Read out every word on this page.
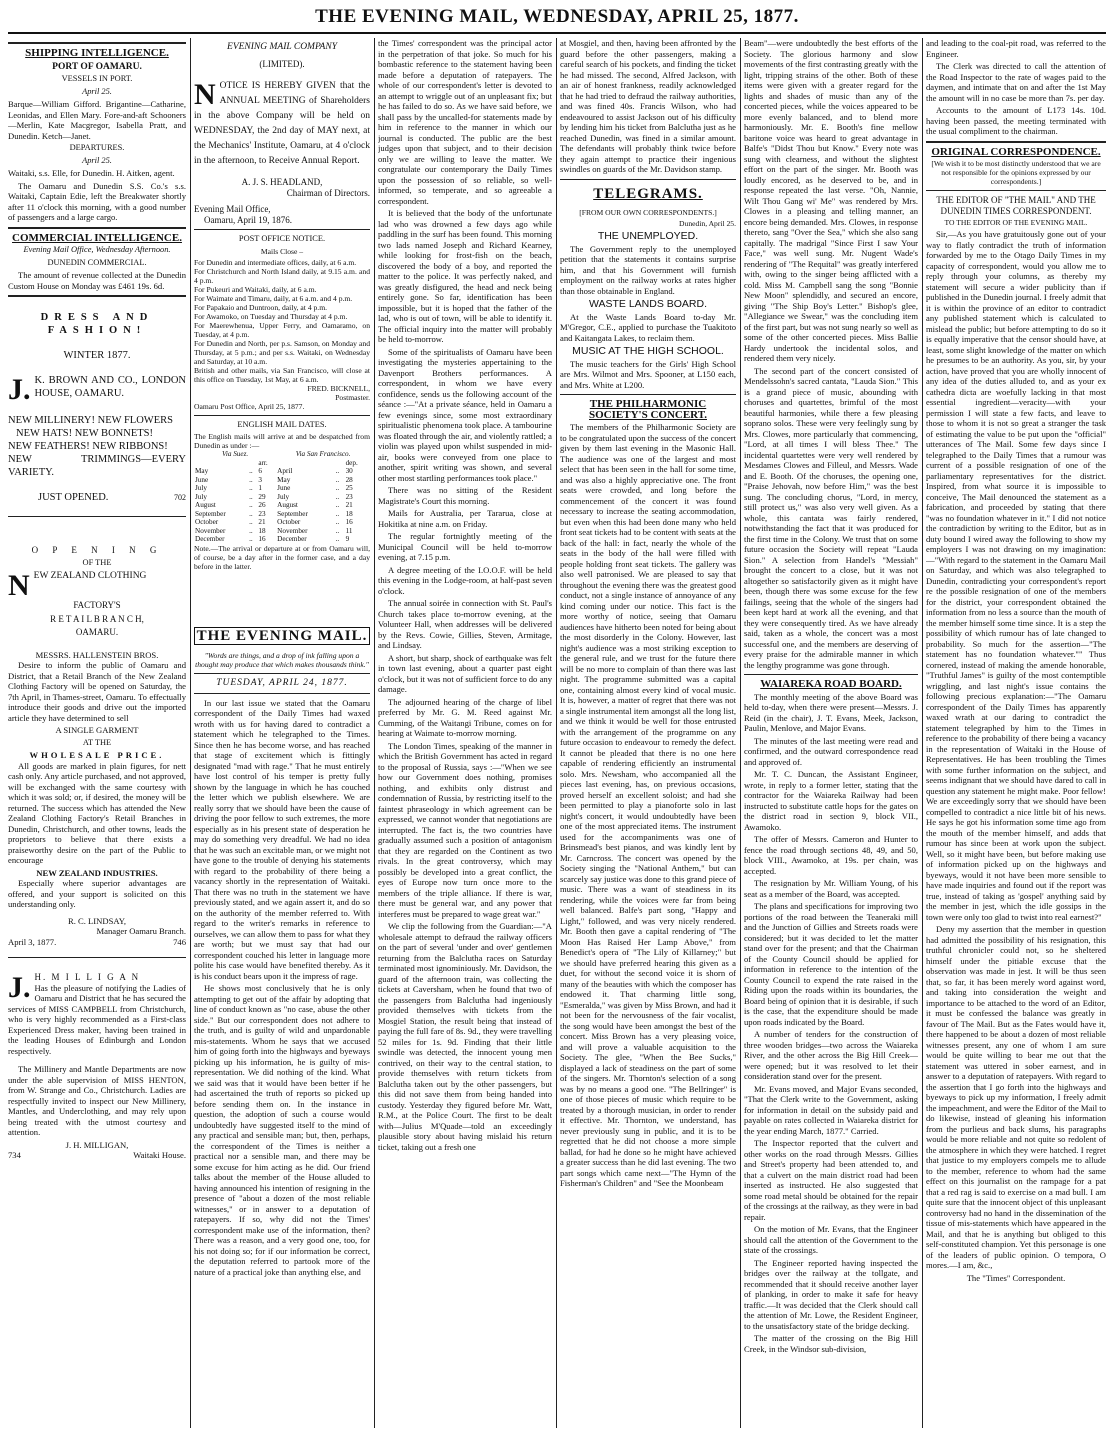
THE EVENING MAIL, WEDNESDAY, APRIL 25, 1877.
SHIPPING INTELLIGENCE.
PORT OF OAMARU.
VESSELS IN PORT.
April 25.

Barque—William Gifford. Brigantine—Catharine, Leonidas, and Ellen Mary. Fore-and-aft Schooners—Merlin, Kate Macgregor, Isabella Pratt, and Dunedin. Ketch—Janet.

DEPARTURES.
April 25.

Waitaki, s.s. Elle, for Dunedin. H. Aitken, agent.

The Oamaru and Dunedin S.S. Co.'s s.s. Waitaki, Captain Edie, left the Breakwater shortly after 11 o'clock this morning, with a good number of passengers and a large cargo.

COMMERCIAL INTELLIGENCE.
Evening Mail Office, Wednesday Afternoon.
DUNEDIN COMMERCIAL.

The amount of revenue collected at the Dunedin Custom House on Monday was £461 19s. 6d.

DRESS AND FASHION!
WINTER 1877.
J. K. BROWN AND CO., LONDON HOUSE, OAMARU.
NEW MILLINERY! NEW FLOWERS
NEW HATS! NEW BONNETS!
NEW FEATHERS! NEW RIBBONS!
NEW TRIMMINGS—EVERY VARIETY.
JUST OPENED.	702
O P E N I N G
OF THE
N EW ZEALAND CLOTHING
FACTORY'S
R E T A I L B R A N C H,
OAMARU.
MESSRS. HALLENSTEIN BROS.

Desire to inform the public of Oamaru and District, that a Retail Branch of the New Zealand Clothing Factory will be opened on Saturday, the 7th April, in Thames-street, Oamaru. To effectually introduce their goods and drive out the imported article they have determined to sell

A SINGLE GARMENT
AT THE
WHOLESALE PRICE.

All goods are marked in plain figures, for nett cash only. Any article purchased, and not approved, will be exchanged with the same courtesy with which it was sold; or, if desired, the money will be returned. The success which has attended the New Zealand Clothing Factory's Retail Branches in Dunedin, Christchurch, and other towns, leads the proprietors to believe that there exists a praiseworthy desire on the part of the Public to encourage

NEW ZEALAND INDUSTRIES.

Especially where superior advantages are offered, and your support is solicited on this understanding only.

R. C. LINDSAY,
Manager Oamaru Branch.
April 3, 1877.	746
J. H. M I L L I G A N

Has the pleasure of notifying the Ladies of Oamaru and District that he has secured the services of MISS CAMPBELL from Christchurch, who is very highly recommended as a First-class Experienced Dress maker, having been trained in the leading Houses of Edinburgh and London respectively.

The Millinery and Mantle Departments are now under the able supervision of MISS HENTON, from W. Strange and Co., Christchurch. Ladies are respectfully invited to inspect our New Millinery, Mantles, and Underclothing, and may rely upon being treated with the utmost courtesy and attention.

J. H. MILLIGAN,
734	Waitaki House.
EVENING MAIL COMPANY
(LIMITED).
N OTICE IS HEREBY GIVEN that the ANNUAL MEETING of Shareholders in the above Company will be held on WEDNESDAY, the 2nd day of MAY next, at the Mechanics' Institute, Oamaru, at 4 o'clock in the afternoon, to Receive Annual Report.
A. J. S. HEADLAND,
Chairman of Directors.
Evening Mail Office,
Oamaru, April 19, 1876.
POST OFFICE NOTICE.
Mails Close –
For Dunedin and intermediate offices, daily, at 6 a.m.
For Christchurch and North Island daily, at 9.15 a.m. and 4 p.m.
For Pukeuri and Waitaki, daily, at 6 a.m.
For Waimate and Timaru, daily, at 6 a.m. and 4 p.m.
For Papakaio and Duntroon, daily, at 4 p.m.
For Awamoko, on Tuesday and Thursday at 4 p.m.
For Maerewhenua, Upper Ferry, and Oamaramo, on Tuesday, at 4 p.m.
For Dunedin and North, per p.s. Samson, on Monday and Thursday, at 5 p.m.; and per s.s. Waitaki, on Wednesday and Saturday, at 10 a.m.
British and other mails, via San Francisco, will close at this office on Tuesday, 1st May, at 6 a.m.
FRED. BICKNELL,
Postmaster.
Oamaru Post Office, April 25, 1877.
ENGLISH MAIL DATES.
The English mails will arrive at and be despatched from Dunedin as under :—
Via Suez.			Via San Francisco.		
		arr.			dep.
May	..	6	April	..	30
June	..	3	May	..	28
July	..	1	June	..	25
July	..	29	July	..	23
August	..	26	August	..	21
September	..	23	September	..	18
October	..	21	October	..	16
November	..	18	November	..	11
December	..	16	December	..	9
Note.—The arrival or departure at or from Oamaru will, of course, be a day after in the former case, and a day before in the latter.
THE EVENING MAIL.
"Words are things, and a drop of ink falling upon a thought may produce that which makes thousands think."
TUESDAY, APRIL 24, 1877.

In our last issue we stated that the Oamaru correspondent of the Daily Times had waxed wroth with us for having dared to contradict a statement which he telegraphed to the Times. Since then he has become worse, and has reached that stage of excitement which is fittingly designated "mad with rage." That he must entirely have lost control of his temper is pretty fully shown by the language in which he has couched the letter which we publish elsewhere. We are really sorry that we should have been the cause of driving the poor fellow to such extremes, the more especially as in his present state of desperation he may do something very dreadful. We had no idea that he was such an excitable man, or we might not have gone to the trouble of denying his statements with regard to the probability of there being a vacancy shortly in the representation of Waitaki. That there was no truth in the statement we have previously stated, and we again assert it, and do so on the authority of the member referred to. With regard to the writer's remarks in reference to ourselves, we can allow them to pass for what they are worth; but we must say that had our correspondent couched his letter in language more polite his case would have benefited thereby. As it is his conduct bears upon it the impress of rage.

He shows most conclusively that he is only attempting to get out of the affair by adopting that line of conduct known as "no case, abuse the other side." But our correspondent does not adhere to the truth, and is guilty of wild and unpardonable mis-statements. Whom he says that we accused him of going forth into the highways and byeways picking up his information, he is guilty of mis-representation. We did nothing of the kind. What we said was that it would have been better if he had ascertained the truth of reports so picked up before sending them on. In the instance in question, the adoption of such a course would undoubtedly have suggested itself to the mind of any practical and sensible man; but, then, perhaps, the correspondent of the Times is neither a practical nor a sensible man, and there may be some excuse for him acting as he did. Our friend talks about the member of the House alluded to having announced his intention of resigning in the presence of "about a dozen of the most reliable witnesses," or in answer to a deputation of ratepayers. If so, why did not the Times' correspondent make use of the information, then? There was a reason, and a very good one, too, for his not doing so; for if our information be correct, the deputation referred to partook more of the nature of a practical joke than anything else, and

the Times' correspondent was the principal actor in the perpetration of that joke. So much for his bombastic reference to the statement having been made before a deputation of ratepayers. The whole of our correspondent's letter is devoted to an attempt to wriggle out of an unpleasant fix; but he has failed to do so. As we have said before, we shall pass by the uncalled-for statements made by him in reference to the manner in which our journal is conducted. The public are the best judges upon that subject, and to their decision only we are willing to leave the matter. We congratulate our contemporary the Daily Times upon the possession of so reliable, so well-informed, so temperate, and so agreeable a correspondent.

It is believed that the body of the unfortunate lad who was drowned a few days ago while paddling in the surf has been found. This morning two lads named Joseph and Richard Kearney, while looking for frost-fish on the beach, discovered the body of a boy, and reported the matter to the police. It was perfectly naked, and was greatly disfigured, the head and neck being entirely gone. So far, identification has been impossible, but it is hoped that the father of the lad, who is out of town, will be able to identify it. The official inquiry into the matter will probably be held to-morrow.

Some of the spiritualists of Oamaru have been investigating the mysteries appertaining to the Davenport Brothers performances. A correspondent, in whom we have every confidence, sends us the following account of the séance :—"At a private séance, held in Oamaru a few evenings since, some most extraordinary spiritualistic phenomena took place. A tambourine was floated through the air, and violently rattled; a violin was played upon whilst suspended in mid-air, books were conveyed from one place to another, spirit writing was shown, and several other most startling performances took place."

There was no sitting of the Resident Magistrate's Court this morning.

Mails for Australia, per Tararua, close at Hokitika at nine a.m. on Friday.

The regular fortnightly meeting of the Municipal Council will be held to-morrow evening, at 7.15 p.m.

A degree meeting of the I.O.O.F. will be held this evening in the Lodge-room, at half-past seven o'clock.

The annual soirée in connection with St. Paul's Church takes place to-morrow evening, at the Volunteer Hall, when addresses will be delivered by the Revs. Cowie, Gillies, Steven, Armitage, and Lindsay.

A short, but sharp, shock of earthquake was felt in town last evening, about a quarter past eight o'clock, but it was not of sufficient force to do any damage.

The adjourned hearing of the charge of libel preferred by Mr. G. M. Reed against Mr. Cumming, of the Waitangi Tribune, comes on for hearing at Waimate to-morrow morning.

The London Times, speaking of the manner in which the British Government has acted in regard to the proposal of Russia, says :—"When we see how our Government does nothing, promises nothing, and exhibits only distrust and condemnation of Russia, by restricting itself to the faintest phraseology in which agreement can be expressed, we cannot wonder that negotiations are interrupted. The fact is, the two countries have gradually assumed such a position of antagonism that they are regarded on the Continent as two rivals. In the great controversy, which may possibly be developed into a great conflict, the eyes of Europe now turn once more to the members of the triple alliance. If there is war, there must be general war, and any power that interferes must be prepared to wage great war."

We clip the following from the Guardian:—"A wholesale attempt to defraud the railway officers on the part of several 'under and over' gentlemen returning from the Balclutha races on Saturday terminated most ignominiously. Mr. Davidson, the guard of the afternoon train, was collecting the tickets at Caversham, when he found that two of the passengers from Balclutha had ingeniously provided themselves with tickets from the Mosgiel Station, the result being that instead of paying the full fare of 8s. 9d., they were travelling 52 miles for 1s. 9d. Finding that their little swindle was detected, the innocent young men contrived, on their way to the central station, to provide themselves with return tickets from Balclutha taken out by the other passengers, but this did not save them from being handed into custody. Yesterday they figured before Mr. Watt, R.M., at the Police Court. The first to be dealt with—Julius M'Quade—told an exceedingly plausible story about having mislaid his return ticket, taking out a fresh one

at Mosgiel, and then, having been affronted by the guard before the other passengers, making a careful search of his pockets, and finding the ticket he had missed. The second, Alfred Jackson, with an air of honest frankness, readily acknowledged that he had tried to defraud the railway authorities, and was fined 40s. Francis Wilson, who had endeavoured to assist Jackson out of his difficulty by lending him his ticket from Balclutha just as he reached Dunedin, was fined in a similar amount. The defendants will probably think twice before they again attempt to practice their ingenious swindles on guards of the Mr. Davidson stamp.

TELEGRAMS.
[FROM OUR OWN CORRESPONDENTS.]
Dunedin, April 25.
THE UNEMPLOYED.

The Government reply to the unemployed petition that the statements it contains surprise him, and that his Government will furnish employment on the railway works at rates higher than those obtainable in England.

WASTE LANDS BOARD.

At the Waste Lands Board to-day Mr. M'Gregor, C.E., applied to purchase the Tuakitoto and Kaitangata Lakes, to reclaim them.

MUSIC AT THE HIGH SCHOOL.

The music teachers for the Girls' High School are Mrs. Wilmot and Mrs. Spooner, at L150 each, and Mrs. White at L200.

THE PHILHARMONIC SOCIETY'S CONCERT.

The members of the Philharmonic Society are to be congratulated upon the success of the concert given by them last evening in the Masonic Hall. The audience was one of the largest and most select that has been seen in the hall for some time, and was also a highly appreciative one. The front seats were crowded, and long before the commencement of the concert it was found necessary to increase the seating accommodation, but even when this had been done many who held front seat tickets had to be content with seats at the back of the hall: in fact, nearly the whole of the seats in the body of the hall were filled with people holding front seat tickets. The gallery was also well patronised. We are pleased to say that throughout the evening there was the greatest good conduct, not a single instance of annoyance of any kind coming under our notice. This fact is the more worthy of notice, seeing that Oamaru audiences have hitherto been noted for being about the most disorderly in the Colony. However, last night's audience was a most striking exception to the general rule, and we trust for the future there will be no more to complain of than there was last night. The programme submitted was a capital one, containing almost every kind of vocal music. It is, however, a matter of regret that there was not a single instrumental item amongst all the long list, and we think it would be well for those entrusted with the arrangement of the programme on any future occasion to endeavour to remedy the defect. It cannot be pleaded that there is no one here capable of rendering efficiently an instrumental solo. Mrs. Newsham, who accompanied all the pieces last evening, has, on previous occasions, proved herself an excellent soloist; and had she been permitted to play a pianoforte solo in last night's concert, it would undoubtedly have been one of the most appreciated items. The instrument used for the accompaniments was one of Brinsmead's best pianos, and was kindly lent by Mr. Carncross. The concert was opened by the Society singing the "National Anthem," but can scarcely say justice was done to this grand piece of music. There was a want of steadiness in its rendering, while the voices were far from being well balanced. Balfe's part song, "Happy and Light," followed, and was very nicely rendered. Mr. Booth then gave a capital rendering of "The Moon Has Raised Her Lamp Above," from Benedict's opera of "The Lily of Killarney;" but we should have preferred hearing this given as a duet, for without the second voice it is shorn of many of the beauties with which the composer has endowed it. That charming little song, "Esmeralda," was given by Miss Brown, and had it not been for the nervousness of the fair vocalist, the song would have been amongst the best of the concert. Miss Brown has a very pleasing voice, and will prove a valuable acquisition to the Society. The glee, "When the Bee Sucks," displayed a lack of steadiness on the part of some of the singers. Mr. Thornton's selection of a song was by no means a good one. "The Bellringer" is one of those pieces of music which require to be treated by a thorough musician, in order to render it effective. Mr. Thornton, we understand, has never previously sung in public, and it is to be regretted that he did not choose a more simple ballad, for had he done so he might have achieved a greater success than he did last evening. The two part songs which came next—"The Hymn of the Fisherman's Children" and "See the Moonbeam

Beam"—were undoubtedly the best efforts of the Society. The glorious harmony and slow movements of the first contrasting greatly with the light, tripping strains of the other. Both of these items were given with a greater regard for the lights and shades of music than any of the concerted pieces, while the voices appeared to be more evenly balanced, and to blend more harmoniously. Mr. E. Booth's fine mellow baritone voice was heard to great advantage in Balfe's "Didst Thou but Know." Every note was sung with clearness, and without the slightest effort on the part of the singer. Mr. Booth was loudly encored, as he deserved to be, and in response repeated the last verse. "Oh, Nannie, Wilt Thou Gang wi' Me" was rendered by Mrs. Clowes in a pleasing and telling manner, an encore being demanded. Mrs. Clowes, in response thereto, sang "Over the Sea," which she also sang capitally. The madrigal "Since First I saw Your Face," was well sung. Mr. Nugent Wade's rendering of "The Requital" was greatly interfered with, owing to the singer being afflicted with a cold. Miss M. Campbell sang the song "Bonnie New Moon" splendidly, and secured an encore, giving "The Ship Boy's Letter." Bishop's glee, "Allegiance we Swear," was the concluding item of the first part, but was not sung nearly so well as some of the other concerted pieces. Miss Ballie Hardy undertook the incidental solos, and rendered them very nicely.

The second part of the concert consisted of Mendelssohn's sacred cantata, "Lauda Sion." This is a grand piece of music, abounding with choruses and quartettes, brimful of the most beautiful harmonies, while there a few pleasing soprano solos. These were very feelingly sung by Mrs. Clowes, more particularly that commencing, "Lord, at all times I will bless Thee." The incidental quartettes were very well rendered by Mesdames Clowes and Filleul, and Messrs. Wade and E. Booth. Of the choruses, the opening one, "Praise Jehovah, now before Him," was the best sung. The concluding chorus, "Lord, in mercy, still protect us," was also very well given. As a whole, this cantata was fairly rendered, notwithstanding the fact that it was produced for the first time in the Colony. We trust that on some future occasion the Society will repeat "Lauda Sion." A selection from Handel's "Messiah" brought the concert to a close, but it was not altogether so satisfactorily given as it might have been, though there was some excuse for the few failings, seeing that the whole of the singers had been kept hard at work all the evening, and that they were consequently tired. As we have already said, taken as a whole, the concert was a most successful one, and the members are deserving of every praise for the admirable manner in which the lengthy programme was gone through.

WAIAREKA ROAD BOARD.

The monthly meeting of the above Board was held to-day, when there were present—Messrs. J. Reid (in the chair), J. T. Evans, Meek, Jackson, Paulin, Menlove, and Major Evans.

The minutes of the last meeting were read and confirmed, and the outward correspondence read and approved of.

Mr. T. C. Duncan, the Assistant Engineer, wrote, in reply to a former letter, stating that the contractor for the Waiareka Railway had been instructed to substitute cattle hops for the gates on the district road in section 9, block VII., Awamoko.

The offer of Messrs. Cameron and Hunter to fence the road through sections 48, 49, and 50, block VIII., Awamoko, at 19s. per chain, was accepted.

The resignation by Mr. William Young, of his seat as a member of the Board, was accepted.

The plans and specifications for improving two portions of the road between the Teaneraki mill and the Junction of Gillies and Streets roads were considered; but it was decided to let the matter stand over for the present; and that the Chairman of the County Council should be applied for information in reference to the intention of the County Council to expend the rate raised in the Riding upon the roads within its boundaries, the Board being of opinion that it is desirable, if such is the case, that the expenditure should be made upon roads indicated by the Board.

A number of tenders for the construction of three wooden bridges—two across the Waiareka River, and the other across the Big Hill Creek—were opened; but it was resolved to let their consideration stand over for the present.

Mr. Evans moved, and Major Evans seconded, "That the Clerk write to the Government, asking for information in detail on the subsidy paid and payable on rates collected in Waiareka district for the year ending March, 1877." Carried.

The Inspector reported that the culvert and other works on the road through Messrs. Gillies and Street's property had been attended to, and that a culvert on the main district road had been inserted as instructed. He also suggested that some road metal should be obtained for the repair of the crossings at the railway, as they were in bad repair.

On the motion of Mr. Evans, that the Engineer should call the attention of the Government to the state of the crossings.

The Engineer reported having inspected the bridges over the railway at the tollgate, and recommended that it should receive another layer of planking, in order to make it safe for heavy traffic.—It was decided that the Clerk should call the attention of Mr. Lowe, the Resident Engineer, to the unsatisfactory state of the bridge decking.

The matter of the crossing on the Big Hill Creek, in the Windsor sub-division,

and leading to the coal-pit road, was referred to the Engineer.

The Clerk was directed to call the attention of the Road Inspector to the rate of wages paid to the daymen, and intimate that on and after the 1st May the amount will in no case be more than 7s. per day.

Accounts to the amount of L173 14s. 10d. having been passed, the meeting terminated with the usual compliment to the chairman.

ORIGINAL CORRESPONDENCE.
[We wish it to be most distinctly understood that we are not responsible for the opinions expressed by our correspondents.]
THE EDITOR OF "THE MAIL" AND THE DUNEDIN TIMES CORRESPONDENT.
TO THE EDITOR OF THE EVENING MAIL.

Sir,—As you have gratuitously gone out of your way to flatly contradict the truth of information forwarded by me to the Otago Daily Times in my capacity of correspondent, would you allow me to reply through your columns, as thereby my statement will secure a wider publicity than if published in the Dunedin journal. I freely admit that it is within the province of an editor to contradict any published statement which is calculated to mislead the public; but before attempting to do so it is equally imperative that the censor should have, at least, some slight knowledge of the matter on which he presumes to be an authority. As you, sir, by your action, have proved that you are wholly innocent of any idea of the duties alluded to, and as your ex cathedra dicta are woefully lacking in that most essential ingredient—veracity—with your permission I will state a few facts, and leave to those to whom it is not so great a stranger the task of estimating the value to be put upon the "official" utterances of The Mail. Some few days since I telegraphed to the Daily Times that a rumour was current of a possible resignation of one of the parliamentary representatives for the district. Inspired, from what source it is impossible to conceive, The Mail denounced the statement as a fabrication, and proceeded by stating that there "was no foundation whatever in it." I did not notice the contradiction by writing to the Editor, but as in duty bound I wired away the following to show my employers I was not drawing on my imagination:—"With regard to the statement in the Oamaru Mail on Saturday, and which was also telegraphed to Dunedin, contradicting your correspondent's report re the possible resignation of one of the members for the district, your correspondent obtained the information from no less a source than the mouth of the member himself some time since. It is a step the possibility of which rumour has of late changed to probability. So much for the assertion—"The statement has no foundation whatever."" Thus cornered, instead of making the amende honorable, "Truthful James" is guilty of the most contemptible wriggling, and last night's issue contains the following precious explanation:—"The Oamaru correspondent of the Daily Times has apparently waxed wrath at our daring to contradict the statement telegraphed by him to the Times in reference to the probability of there being a vacancy in the representation of Waitaki in the House of Representatives. He has been troubling the Times with some further information on the subject, and seems indignant that we should have dared to call in question any statement he might make. Poor fellow! We are exceedingly sorry that we should have been compelled to contradict a nice little bit of his news. He says he got his information some time ago from the mouth of the member himself, and adds that rumour has since been at work upon the subject. Well, so it might have been, but before making use of information picked up on the highways and byeways, would it not have been more sensible to have made inquiries and found out if the report was true, instead of taking as 'gospel' anything said by the member in jest, which the idle gossips in the town were only too glad to twist into real earnest?"

Deny my assertion that the member in question had admitted the possibility of his resignation, this truthful chronicler could not, so he sheltered himself under the pitiable excuse that the observation was made in jest. It will be thus seen that, so far, it has been merely word against word, and taking into consideration the weight and importance to be attached to the word of an Editor, it must be confessed the balance was greatly in favour of The Mail. But as the Fates would have it, there happened to be about a dozen of most reliable witnesses present, any one of whom I am sure would be quite willing to bear me out that the statement was uttered in sober earnest, and in answer to a deputation of ratepayers. With regard to the assertion that I go forth into the highways and byeways to pick up my information, I freely admit the impeachment, and were the Editor of the Mail to do likewise, instead of gleaning his information from the purlieus and back slums, his paragraphs would be more reliable and not quite so redolent of the atmosphere in which they were hatched. I regret that justice to my employers compels me to allude to the member, reference to whom had the same effect on this journalist on the rampage for a pat that a red rag is said to exercise on a mad bull. I am quite sure that the innocent object of this unpleasant controversy had no hand in the dissemination of the tissue of mis-statements which have appeared in the Mail, and that he is anything but obliged to this self-constituted champion. Yet this personage is one of the leaders of public opinion. O tempora, O mores.—I am, &c.,

The "Times" Correspondent.
